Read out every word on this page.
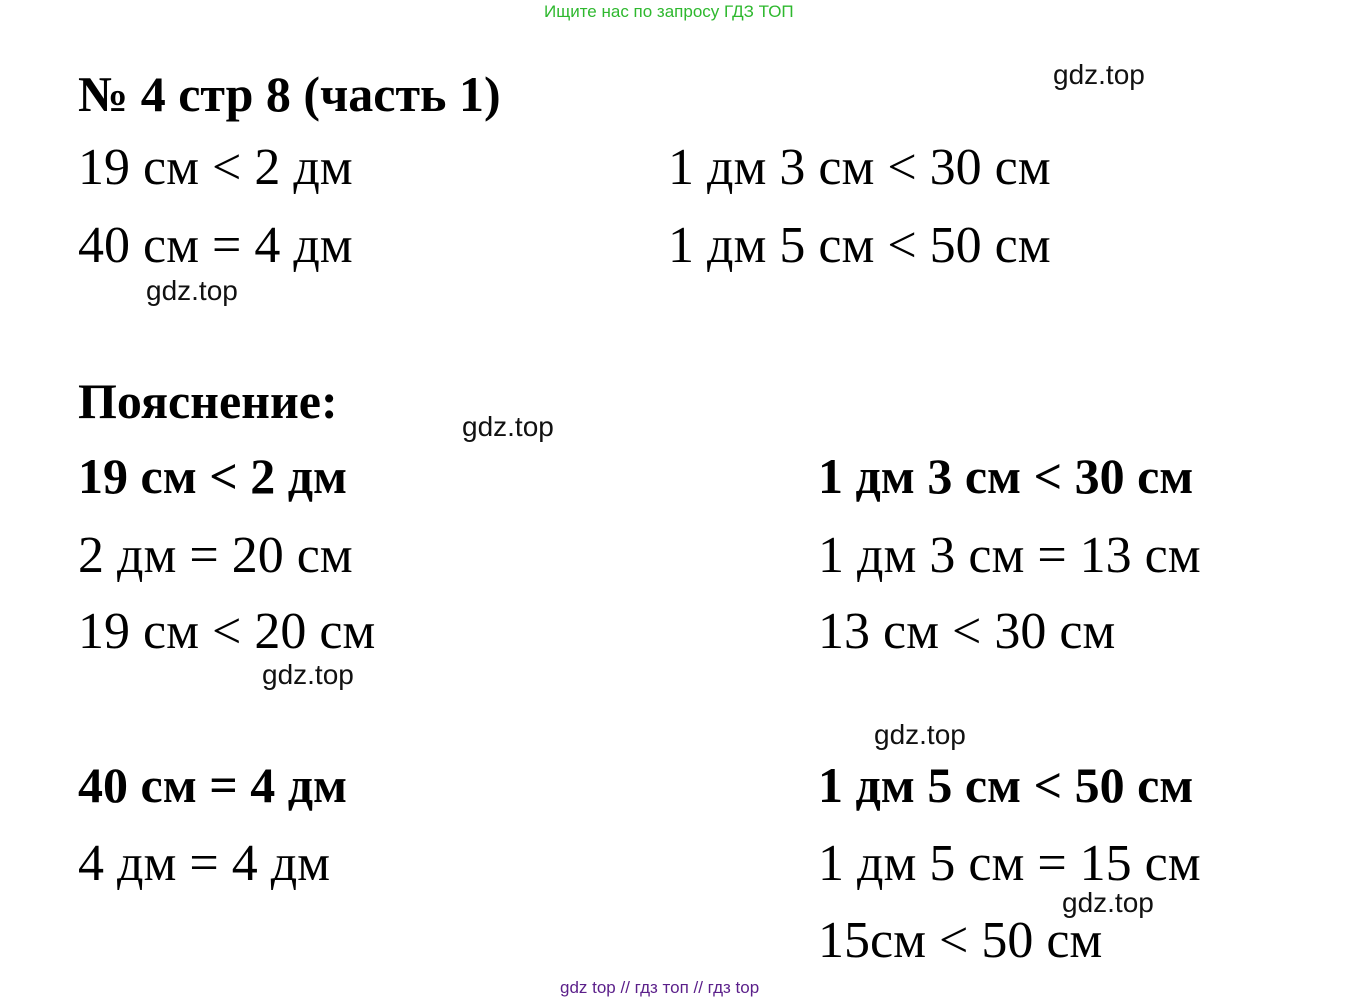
Ищите нас по запросу ГДЗ ТОП
№ 4 стр 8 (часть 1)
19 см < 2 дм
40 см = 4 дм
1 дм 3 см < 30 см
1 дм 5 см < 50 см
Пояснение:
19 см < 2 дм
2 дм = 20 см
19 см < 20 см
1 дм 3 см < 30 см
1 дм 3 см = 13 см
13 см < 30 см
40 см = 4 дм
4 дм = 4 дм
1 дм 5 см < 50 см
1 дм 5 см = 15 см
15см < 50 см
gdz.top
gdz.top
gdz.top
gdz.top
gdz.top
gdz.top
gdz top // гдз топ // гдз top
